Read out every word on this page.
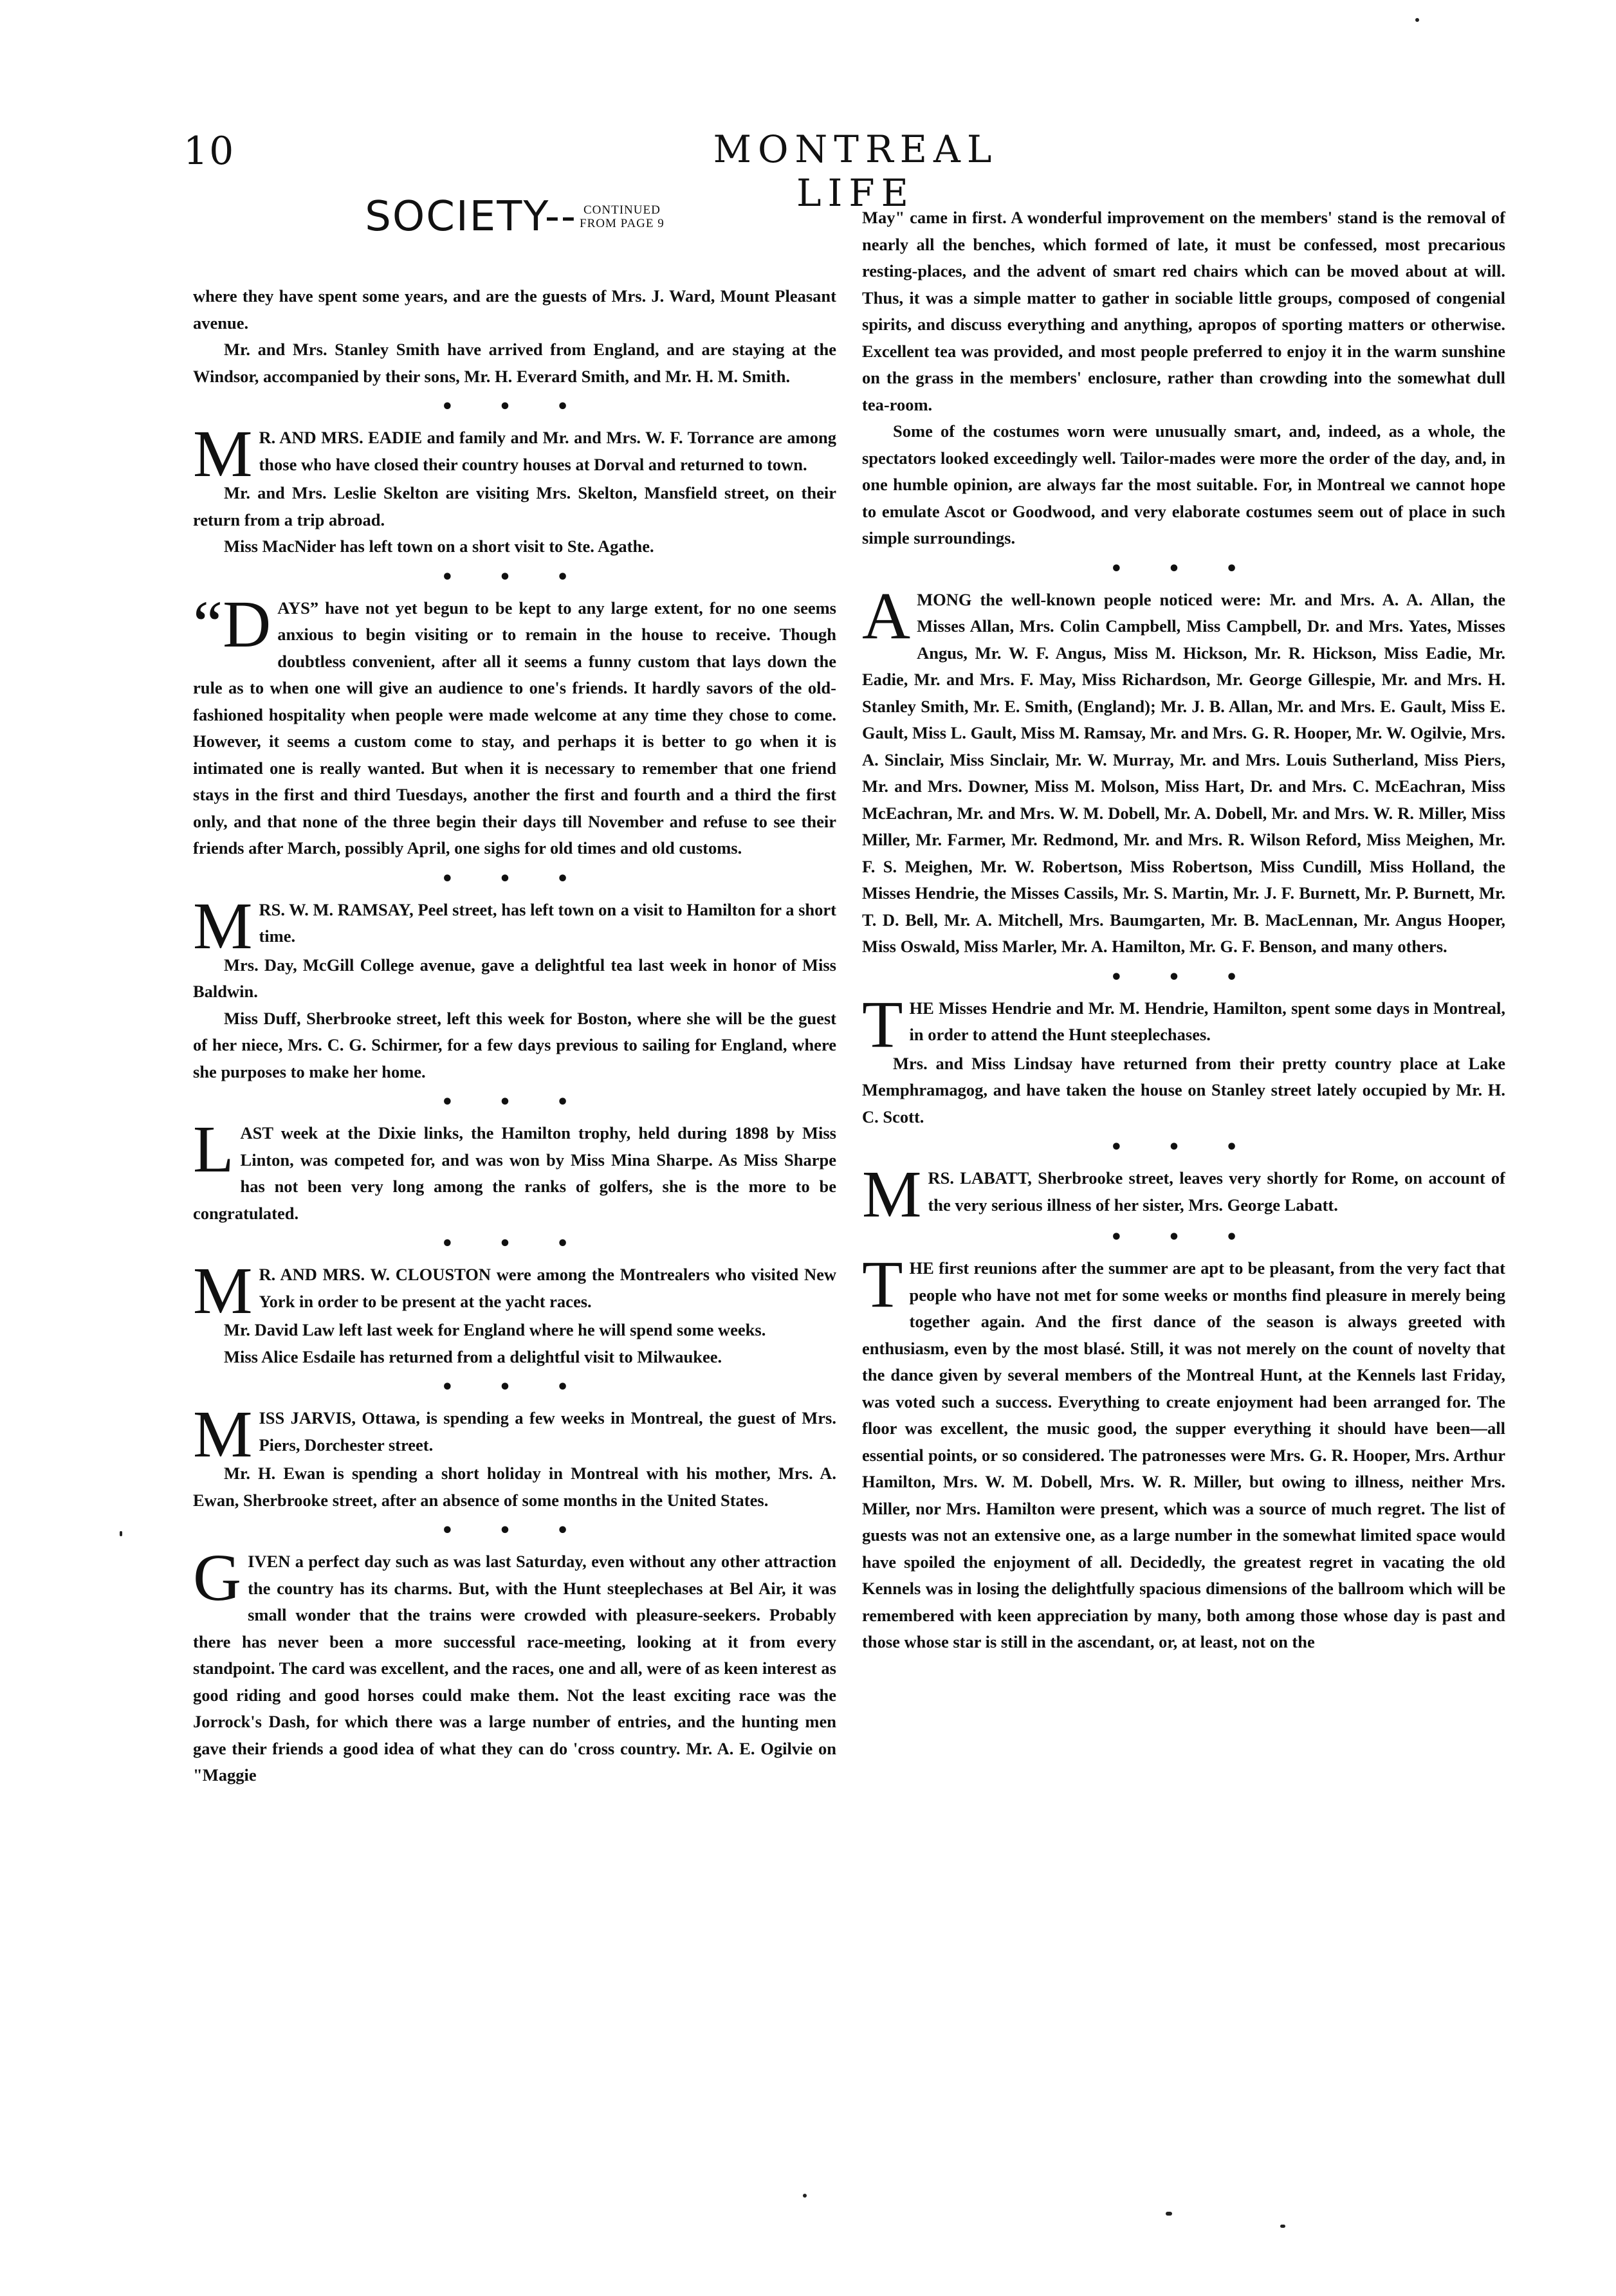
10	MONTREAL LIFE
SOCIETY-- CONTINUED
FROM PAGE 9

where they have spent some years, and are the guests of Mrs. J. Ward, Mount Pleasant avenue.

Mr. and Mrs. Stanley Smith have arrived from England, and are staying at the Windsor, accompanied by their sons, Mr. H. Everard Smith, and Mr. H. M. Smith.

• • •
M R. AND MRS. EADIE and family and Mr. and Mrs. W. F. Torrance are among those who have closed their country houses at Dorval and returned to town.

Mr. and Mrs. Leslie Skelton are visiting Mrs. Skelton, Mansfield street, on their return from a trip abroad.

Miss MacNider has left town on a short visit to Ste. Agathe.

• • •
“D AYS” have not yet begun to be kept to any large extent, for no one seems anxious to begin visiting or to remain in the house to receive. Though doubtless convenient, after all it seems a funny custom that lays down the rule as to when one will give an audience to one's friends. It hardly savors of the old-fashioned hospitality when people were made welcome at any time they chose to come. However, it seems a custom come to stay, and perhaps it is better to go when it is intimated one is really wanted. But when it is necessary to remember that one friend stays in the first and third Tuesdays, another the first and fourth and a third the first only, and that none of the three begin their days till November and refuse to see their friends after March, possibly April, one sighs for old times and old customs.

• • •
M RS. W. M. RAMSAY, Peel street, has left town on a visit to Hamilton for a short time.

Mrs. Day, McGill College avenue, gave a delightful tea last week in honor of Miss Baldwin.

Miss Duff, Sherbrooke street, left this week for Boston, where she will be the guest of her niece, Mrs. C. G. Schirmer, for a few days previous to sailing for England, where she purposes to make her home.

• • •
L AST week at the Dixie links, the Hamilton trophy, held during 1898 by Miss Linton, was competed for, and was won by Miss Mina Sharpe. As Miss Sharpe has not been very long among the ranks of golfers, she is the more to be congratulated.

• • •
M R. AND MRS. W. CLOUSTON were among the Montrealers who visited New York in order to be present at the yacht races.

Mr. David Law left last week for England where he will spend some weeks.

Miss Alice Esdaile has returned from a delightful visit to Milwaukee.

• • •
M ISS JARVIS, Ottawa, is spending a few weeks in Montreal, the guest of Mrs. Piers, Dorchester street.

Mr. H. Ewan is spending a short holiday in Montreal with his mother, Mrs. A. Ewan, Sherbrooke street, after an absence of some months in the United States.

• • •
G IVEN a perfect day such as was last Saturday, even without any other attraction the country has its charms. But, with the Hunt steeplechases at Bel Air, it was small wonder that the trains were crowded with pleasure-seekers. Probably there has never been a more successful race-meeting, looking at it from every standpoint. The card was excellent, and the races, one and all, were of as keen interest as good riding and good horses could make them. Not the least exciting race was the Jorrock's Dash, for which there was a large number of entries, and the hunting men gave their friends a good idea of what they can do 'cross country. Mr. A. E. Ogilvie on "Maggie

May" came in first. A wonderful improvement on the members' stand is the removal of nearly all the benches, which formed of late, it must be confessed, most precarious resting-places, and the advent of smart red chairs which can be moved about at will. Thus, it was a simple matter to gather in sociable little groups, composed of congenial spirits, and discuss everything and anything, apropos of sporting matters or otherwise. Excellent tea was provided, and most people preferred to enjoy it in the warm sunshine on the grass in the members' enclosure, rather than crowding into the somewhat dull tea-room.

Some of the costumes worn were unusually smart, and, indeed, as a whole, the spectators looked exceedingly well. Tailor-mades were more the order of the day, and, in one humble opinion, are always far the most suitable. For, in Montreal we cannot hope to emulate Ascot or Goodwood, and very elaborate costumes seem out of place in such simple surroundings.

• • •
A MONG the well-known people noticed were: Mr. and Mrs. A. A. Allan, the Misses Allan, Mrs. Colin Campbell, Miss Campbell, Dr. and Mrs. Yates, Misses Angus, Mr. W. F. Angus, Miss M. Hickson, Mr. R. Hickson, Miss Eadie, Mr. Eadie, Mr. and Mrs. F. May, Miss Richardson, Mr. George Gillespie, Mr. and Mrs. H. Stanley Smith, Mr. E. Smith, (England); Mr. J. B. Allan, Mr. and Mrs. E. Gault, Miss E. Gault, Miss L. Gault, Miss M. Ramsay, Mr. and Mrs. G. R. Hooper, Mr. W. Ogilvie, Mrs. A. Sinclair, Miss Sinclair, Mr. W. Murray, Mr. and Mrs. Louis Sutherland, Miss Piers, Mr. and Mrs. Downer, Miss M. Molson, Miss Hart, Dr. and Mrs. C. McEachran, Miss McEachran, Mr. and Mrs. W. M. Dobell, Mr. A. Dobell, Mr. and Mrs. W. R. Miller, Miss Miller, Mr. Farmer, Mr. Redmond, Mr. and Mrs. R. Wilson Reford, Miss Meighen, Mr. F. S. Meighen, Mr. W. Robertson, Miss Robertson, Miss Cundill, Miss Holland, the Misses Hendrie, the Misses Cassils, Mr. S. Martin, Mr. J. F. Burnett, Mr. P. Burnett, Mr. T. D. Bell, Mr. A. Mitchell, Mrs. Baumgarten, Mr. B. MacLennan, Mr. Angus Hooper, Miss Oswald, Miss Marler, Mr. A. Hamilton, Mr. G. F. Benson, and many others.

• • •
T HE Misses Hendrie and Mr. M. Hendrie, Hamilton, spent some days in Montreal, in order to attend the Hunt steeplechases.

Mrs. and Miss Lindsay have returned from their pretty country place at Lake Memphramagog, and have taken the house on Stanley street lately occupied by Mr. H. C. Scott.

• • •
M RS. LABATT, Sherbrooke street, leaves very shortly for Rome, on account of the very serious illness of her sister, Mrs. George Labatt.

• • •
T HE first reunions after the summer are apt to be pleasant, from the very fact that people who have not met for some weeks or months find pleasure in merely being together again. And the first dance of the season is always greeted with enthusiasm, even by the most blasé. Still, it was not merely on the count of novelty that the dance given by several members of the Montreal Hunt, at the Kennels last Friday, was voted such a success. Everything to create enjoyment had been arranged for. The floor was excellent, the music good, the supper everything it should have been—all essential points, or so considered. The patronesses were Mrs. G. R. Hooper, Mrs. Arthur Hamilton, Mrs. W. M. Dobell, Mrs. W. R. Miller, but owing to illness, neither Mrs. Miller, nor Mrs. Hamilton were present, which was a source of much regret. The list of guests was not an extensive one, as a large number in the somewhat limited space would have spoiled the enjoyment of all. Decidedly, the greatest regret in vacating the old Kennels was in losing the delightfully spacious dimensions of the ballroom which will be remembered with keen appreciation by many, both among those whose day is past and those whose star is still in the ascendant, or, at least, not on the
